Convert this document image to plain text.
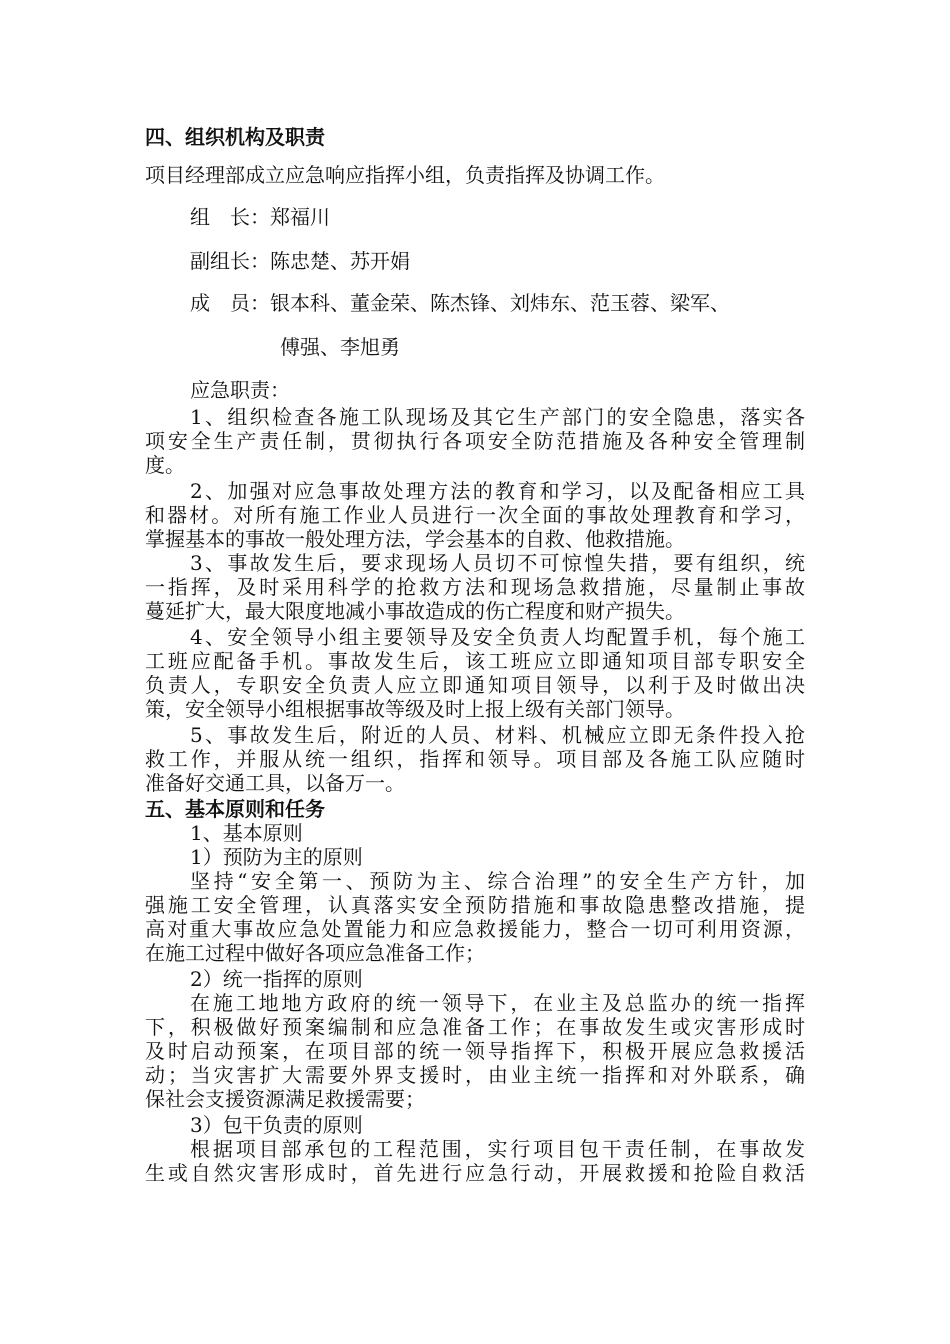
四、组织机构及职责

项目经理部成立应急响应指挥小组，负责指挥及协调工作。

组　长：郑福川

副组长：陈忠楚、苏开娟

成　员：银本科、董金荣、陈杰锋、刘炜东、范玉蓉、梁军、

傅强、李旭勇

应急职责：

1、组织检查各施工队现场及其它生产部门的安全隐患，落实各

项安全生产责任制，贯彻执行各项安全防范措施及各种安全管理制

度。

2、加强对应急事故处理方法的教育和学习，以及配备相应工具

和器材。对所有施工作业人员进行一次全面的事故处理教育和学习，

掌握基本的事故一般处理方法，学会基本的自救、他救措施。

3、事故发生后，要求现场人员切不可惊惶失措，要有组织，统

一指挥，及时采用科学的抢救方法和现场急救措施，尽量制止事故

蔓延扩大，最大限度地减小事故造成的伤亡程度和财产损失。

4、安全领导小组主要领导及安全负责人均配置手机，每个施工

工班应配备手机。事故发生后，该工班应立即通知项目部专职安全

负责人，专职安全负责人应立即通知项目领导，以利于及时做出决

策，安全领导小组根据事故等级及时上报上级有关部门领导。

5、事故发生后，附近的人员、材料、机械应立即无条件投入抢

救工作，并服从统一组织，指挥和领导。项目部及各施工队应随时

准备好交通工具，以备万一。

五、基本原则和任务

1、基本原则

1）预防为主的原则

坚持“安全第一、预防为主、综合治理”的安全生产方针，加

强施工安全管理，认真落实安全预防措施和事故隐患整改措施，提

高对重大事故应急处置能力和应急救援能力，整合一切可利用资源，

在施工过程中做好各项应急准备工作；

2）统一指挥的原则

在施工地地方政府的统一领导下，在业主及总监办的统一指挥

下，积极做好预案编制和应急准备工作；在事故发生或灾害形成时

及时启动预案，在项目部的统一领导指挥下，积极开展应急救援活

动；当灾害扩大需要外界支援时，由业主统一指挥和对外联系，确

保社会支援资源满足救援需要；

3）包干负责的原则

根据项目部承包的工程范围，实行项目包干责任制，在事故发

生或自然灾害形成时，首先进行应急行动，开展救援和抢险自救活
